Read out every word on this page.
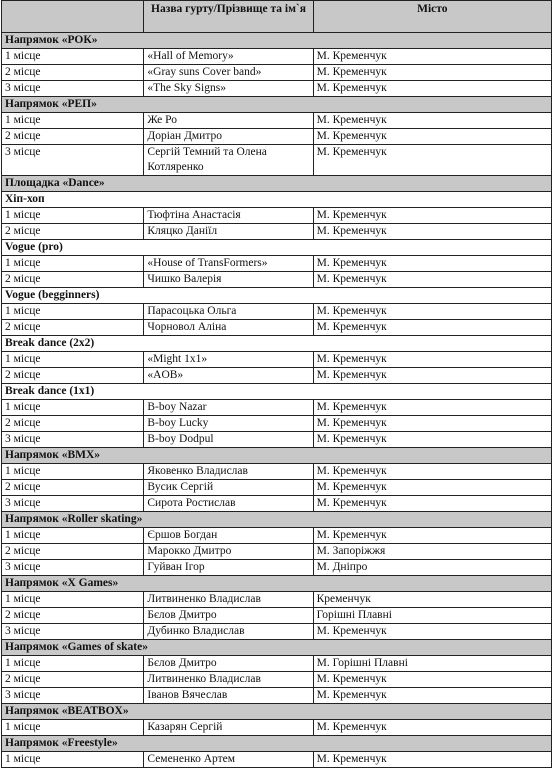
	Назва гурту/Прізвище та ім`я	Місто
Напрямок «РОК»		
1 місце	«Hall of Memory»	М. Кременчук
2 місце	«Gray suns Cover band»	М. Кременчук
3 місце	«The Sky Signs»	М. Кременчук
Напрямок «РЕП»		
1 місце	Же Ро	М. Кременчук
2 місце	Доріан Дмитро	М. Кременчук
3 місце	Сергій Темний та Олена Котляренко	М. Кременчук
Площадка «Dance»		
Хіп-хоп		
1 місце	Тюфтіна Анастасія	М. Кременчук
2 місце	Кляцко Даніїл	М. Кременчук
Vogue (pro)		
1 місце	«House of TransFormers»	М. Кременчук
2 місце	Чишко Валерія	М. Кременчук
Vogue (begginners)		
1 місце	Парасоцька Ольга	М. Кременчук
2 місце	Чорновол Аліна	М. Кременчук
Break dance (2x2)		
1 місце	«Might 1x1»	М. Кременчук
2 місце	«AOB»	М. Кременчук
Break dance (1x1)		
1 місце	B-boy Nazar	М. Кременчук
2 місце	B-boy Lucky	М. Кременчук
3 місце	B-boy Dodpul	М. Кременчук
Напрямок «BMX»		
1 місце	Яковенко Владислав	М. Кременчук
2 місце	Вусик Сергій	М. Кременчук
3 місце	Сирота Ростислав	М. Кременчук
Напрямок «Roller skating»		
1 місце	Єршов Богдан	М. Кременчук
2 місце	Марокко Дмитро	М. Запоріжжя
3 місце	Гуйван Ігор	М. Дніпро
Напрямок «X Games»		
1 місце	Литвиненко Владислав	Кременчук
2 місце	Бєлов Дмитро	Горішні Плавні
3 місце	Дубинко Владислав	М. Кременчук
Напрямок «Games of skate»		
1 місце	Бєлов Дмитро	М. Горішні Плавні
2 місце	Литвиненко Владислав	М. Кременчук
3 місце	Іванов Вячеслав	М. Кременчук
Напрямок «BEATBOX»		
1 місце	Казарян Сергій	М. Кременчук
Напрямок «Freestyle»		
1 місце	Семененко Артем	М. Кременчук
